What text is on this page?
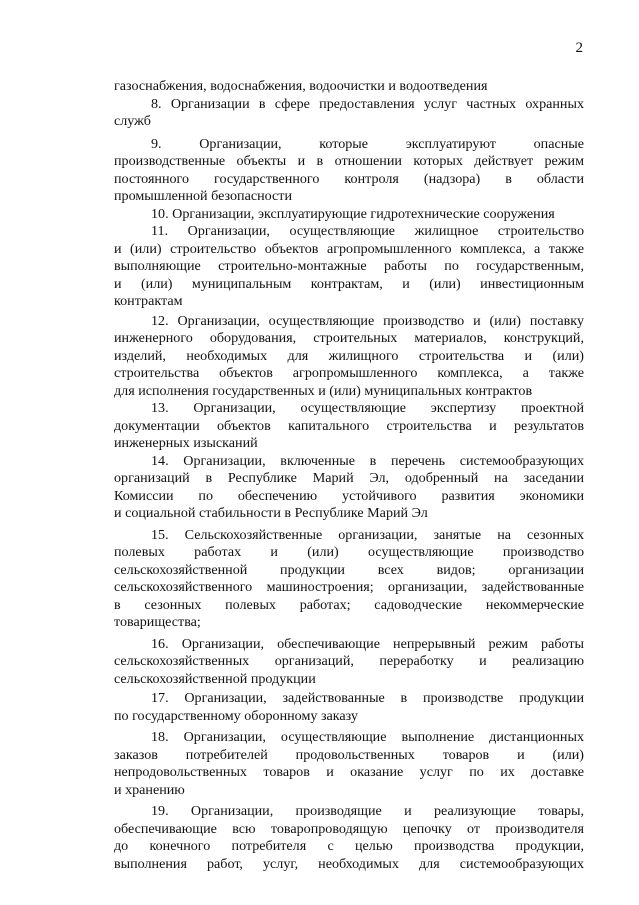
2
газоснабжения, водоснабжения, водоочистки и водоотведения
8. Организации в сфере предоставления услуг частных охранных
служб
9. Организации, которые эксплуатируют опасные
производственные объекты и в отношении которых действует режим
постоянного государственного контроля (надзора) в области
промышленной безопасности
10. Организации, эксплуатирующие гидротехнические сооружения
11. Организации, осуществляющие жилищное строительство
и (или) строительство объектов агропромышленного комплекса, а также
выполняющие строительно-монтажные работы по государственным,
и (или) муниципальным контрактам, и (или) инвестиционным
контрактам
12. Организации, осуществляющие производство и (или) поставку
инженерного оборудования, строительных материалов, конструкций,
изделий, необходимых для жилищного строительства и (или)
строительства объектов агропромышленного комплекса, а также
для исполнения государственных и (или) муниципальных контрактов
13. Организации, осуществляющие экспертизу проектной
документации объектов капитального строительства и результатов
инженерных изысканий
14. Организации, включенные в перечень системообразующих
организаций в Республике Марий Эл, одобренный на заседании
Комиссии по обеспечению устойчивого развития экономики
и социальной стабильности в Республике Марий Эл
15. Сельскохозяйственные организации, занятые на сезонных
полевых работах и (или) осуществляющие производство
сельскохозяйственной продукции всех видов; организации
сельскохозяйственного машиностроения; организации, задействованные
в сезонных полевых работах; садоводческие некоммерческие
товарищества;
16. Организации, обеспечивающие непрерывный режим работы
сельскохозяйственных организаций, переработку и реализацию
сельскохозяйственной продукции
17. Организации, задействованные в производстве продукции
по государственному оборонному заказу
18. Организации, осуществляющие выполнение дистанционных
заказов потребителей продовольственных товаров и (или)
непродовольственных товаров и оказание услуг по их доставке
и хранению
19. Организации, производящие и реализующие товары,
обеспечивающие всю товаропроводящую цепочку от производителя
до конечного потребителя с целью производства продукции,
выполнения работ, услуг, необходимых для системообразующих
